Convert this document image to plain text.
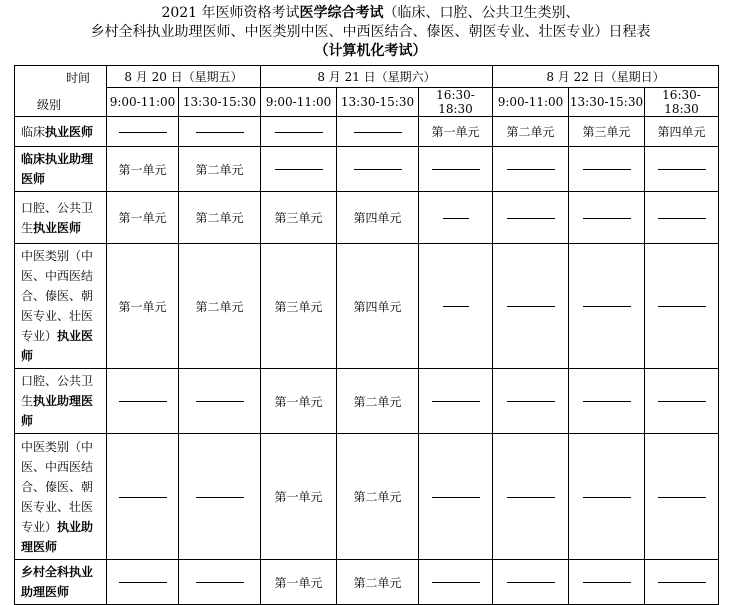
2021 年医师资格考试医学综合考试（临床、口腔、公共卫生类别、
乡村全科执业助理医师、中医类别中医、中西医结合、傣医、朝医专业、壮医专业）日程表
（计算机化考试）
时间
级别	8 月 20 日（星期五）		8 月 21 日（星期六）			8 月 22 日（星期日）		
	9:00-11:00	13:30-15:30	9:00-11:00	13:30-15:30	16:30-18:30	9:00-11:00	13:30-15:30	16:30-18:30
临床执业医师					第一单元	第二单元	第三单元	第四单元
临床执业助理医师	第一单元	第二单元						
口腔、公共卫生执业医师	第一单元	第二单元	第三单元	第四单元				
中医类别（中医、中西医结合、傣医、朝医专业、壮医专业）执业医师	第一单元	第二单元	第三单元	第四单元				
口腔、公共卫生执业助理医师			第一单元	第二单元				
中医类别（中医、中西医结合、傣医、朝医专业、壮医专业）执业助理医师			第一单元	第二单元				
乡村全科执业助理医师			第一单元	第二单元				
